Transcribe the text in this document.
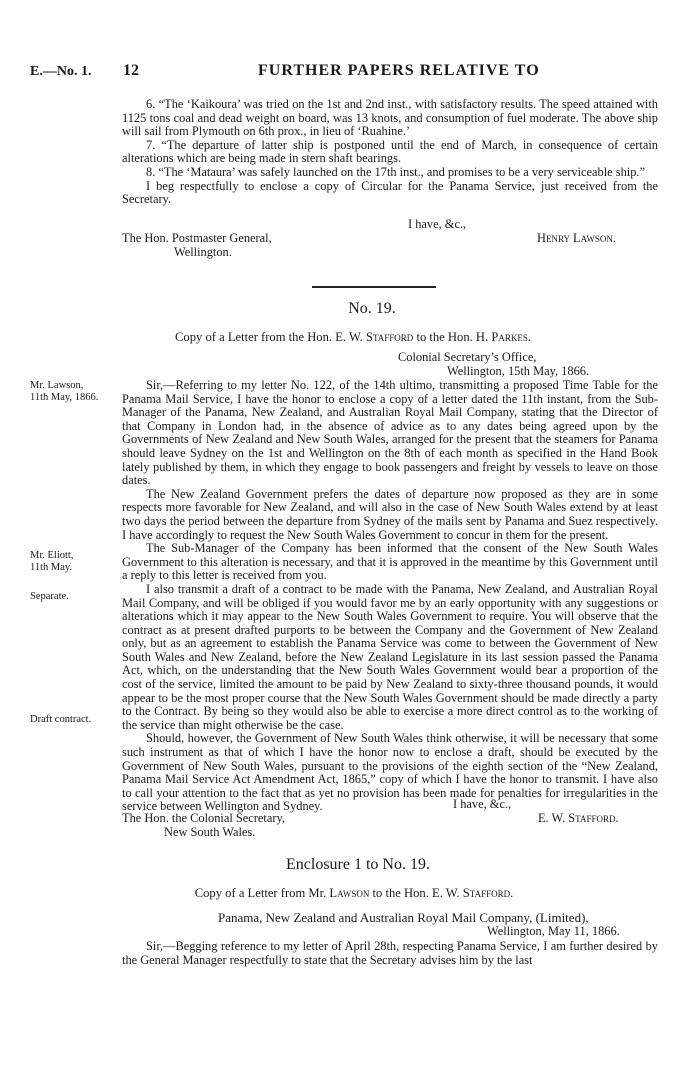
E.—No. 1. 12	FURTHER PAPERS RELATIVE TO

6. “The ‘Kaikoura’ was tried on the 1st and 2nd inst., with satisfactory results. The speed attained with 1125 tons coal and dead weight on board, was 13 knots, and consumption of fuel moderate. The above ship will sail from Plymouth on 6th prox., in lieu of ‘Ruahine.’

7. “The departure of latter ship is postponed until the end of March, in consequence of certain alterations which are being made in stern shaft bearings.

8. “The ‘Mataura’ was safely launched on the 17th inst., and promises to be a very serviceable ship.”

I beg respectfully to enclose a copy of Circular for the Panama Service, just received from the Secretary.

I have, &c.,
The Hon. Postmaster General,	Henry Lawson.
Wellington.
No. 19.
Copy of a Letter from the Hon. E. W. Stafford to the Hon. H. Parkes.
Colonial Secretary’s Office,
Wellington, 15th May, 1866.
Mr. Lawson,
11th May, 1866.
Mr. Eliott,
11th May.
Separate.
Draft contract.

Sir,—Referring to my letter No. 122, of the 14th ultimo, transmitting a proposed Time Table for the Panama Mail Service, I have the honor to enclose a copy of a letter dated the 11th instant, from the Sub-Manager of the Panama, New Zealand, and Australian Royal Mail Company, stating that the Director of that Company in London had, in the absence of advice as to any dates being agreed upon by the Governments of New Zealand and New South Wales, arranged for the present that the steamers for Panama should leave Sydney on the 1st and Wellington on the 8th of each month as specified in the Hand Book lately published by them, in which they engage to book passengers and freight by vessels to leave on those dates.

The New Zealand Government prefers the dates of departure now proposed as they are in some respects more favorable for New Zealand, and will also in the case of New South Wales extend by at least two days the period between the departure from Sydney of the mails sent by Panama and Suez respectively. I have accordingly to request the New South Wales Government to concur in them for the present.

The Sub-Manager of the Company has been informed that the consent of the New South Wales Government to this alteration is necessary, and that it is approved in the meantime by this Government until a reply to this letter is received from you.

I also transmit a draft of a contract to be made with the Panama, New Zealand, and Australian Royal Mail Company, and will be obliged if you would favor me by an early opportunity with any suggestions or alterations which it may appear to the New South Wales Government to require. You will observe that the contract as at present drafted purports to be between the Company and the Government of New Zealand only, but as an agreement to establish the Panama Service was come to between the Government of New South Wales and New Zealand, before the New Zealand Legislature in its last session passed the Panama Act, which, on the understanding that the New South Wales Government would bear a proportion of the cost of the service, limited the amount to be paid by New Zealand to sixty-three thousand pounds, it would appear to be the most proper course that the New South Wales Government should be made directly a party to the Contract. By being so they would also be able to exercise a more direct control as to the working of the service than might otherwise be the case.

Should, however, the Government of New South Wales think otherwise, it will be necessary that some such instrument as that of which I have the honor now to enclose a draft, should be executed by the Government of New South Wales, pursuant to the provisions of the eighth section of the “New Zealand, Panama Mail Service Act Amendment Act, 1865,” copy of which I have the honor to transmit. I have also to call your attention to the fact that as yet no provision has been made for penalties for irregularities in the service between Wellington and Sydney.	I have, &c.,
The Hon. the Colonial Secretary,	E. W. Stafford.
New South Wales.
Enclosure 1 to No. 19.
Copy of a Letter from Mr. Lawson to the Hon. E. W. Stafford.
Panama, New Zealand and Australian Royal Mail Company, (Limited),
Wellington, May 11, 1866.

Sir,—Begging reference to my letter of April 28th, respecting Panama Service, I am further desired by the General Manager respectfully to state that the Secretary advises him by the last
